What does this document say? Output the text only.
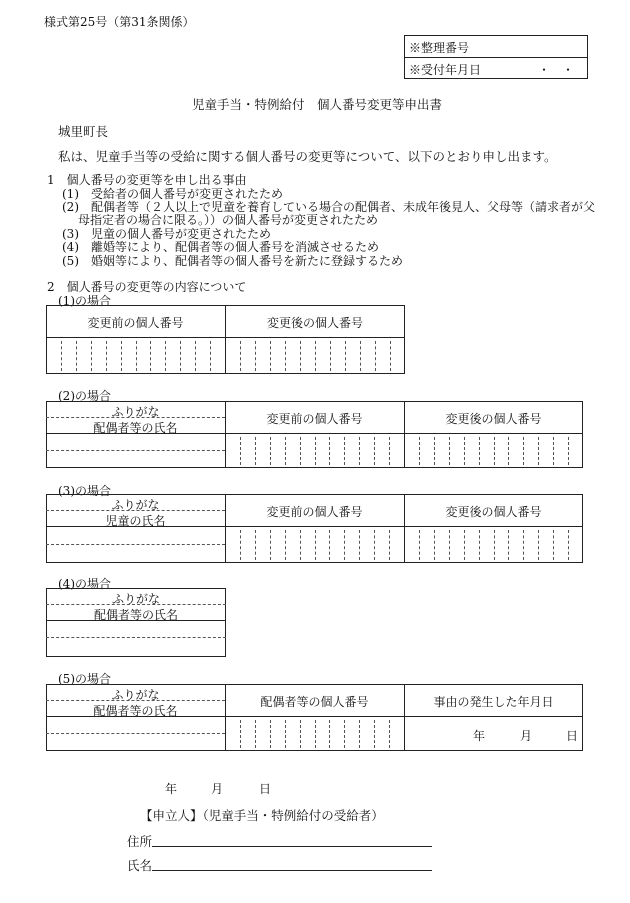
様式第25号（第31条関係）
※整理番号
※受付年月日	・　・
児童手当・特例給付　個人番号変更等申出書
城里町長
私は、児童手当等の受給に関する個人番号の変更等について、以下のとおり申し出ます。
1　個人番号の変更等を申し出る事由
(1)　受給者の個人番号が変更されたため
(2)　配偶者等（２人以上で児童を養育している場合の配偶者、未成年後見人、父母等（請求者が父
母指定者の場合に限る。））の個人番号が変更されたため
(3)　児童の個人番号が変更されたため
(4)　離婚等により、配偶者等の個人番号を消滅させるため
(5)　婚姻等により、配偶者等の個人番号を新たに登録するため
2　個人番号の変更等の内容について
(1)の場合
変更前の個人番号	変更後の個人番号
(2)の場合
ふりがな
配偶者等の氏名
変更前の個人番号	変更後の個人番号
(3)の場合
ふりがな
児童の氏名
変更前の個人番号	変更後の個人番号
(4)の場合
ふりがな
配偶者等の氏名
(5)の場合
ふりがな
配偶者等の氏名
配偶者等の個人番号	事由の発生した年月日
年	月	日
年	月	日
【申立人】（児童手当・特例給付の受給者）
住所
氏名
